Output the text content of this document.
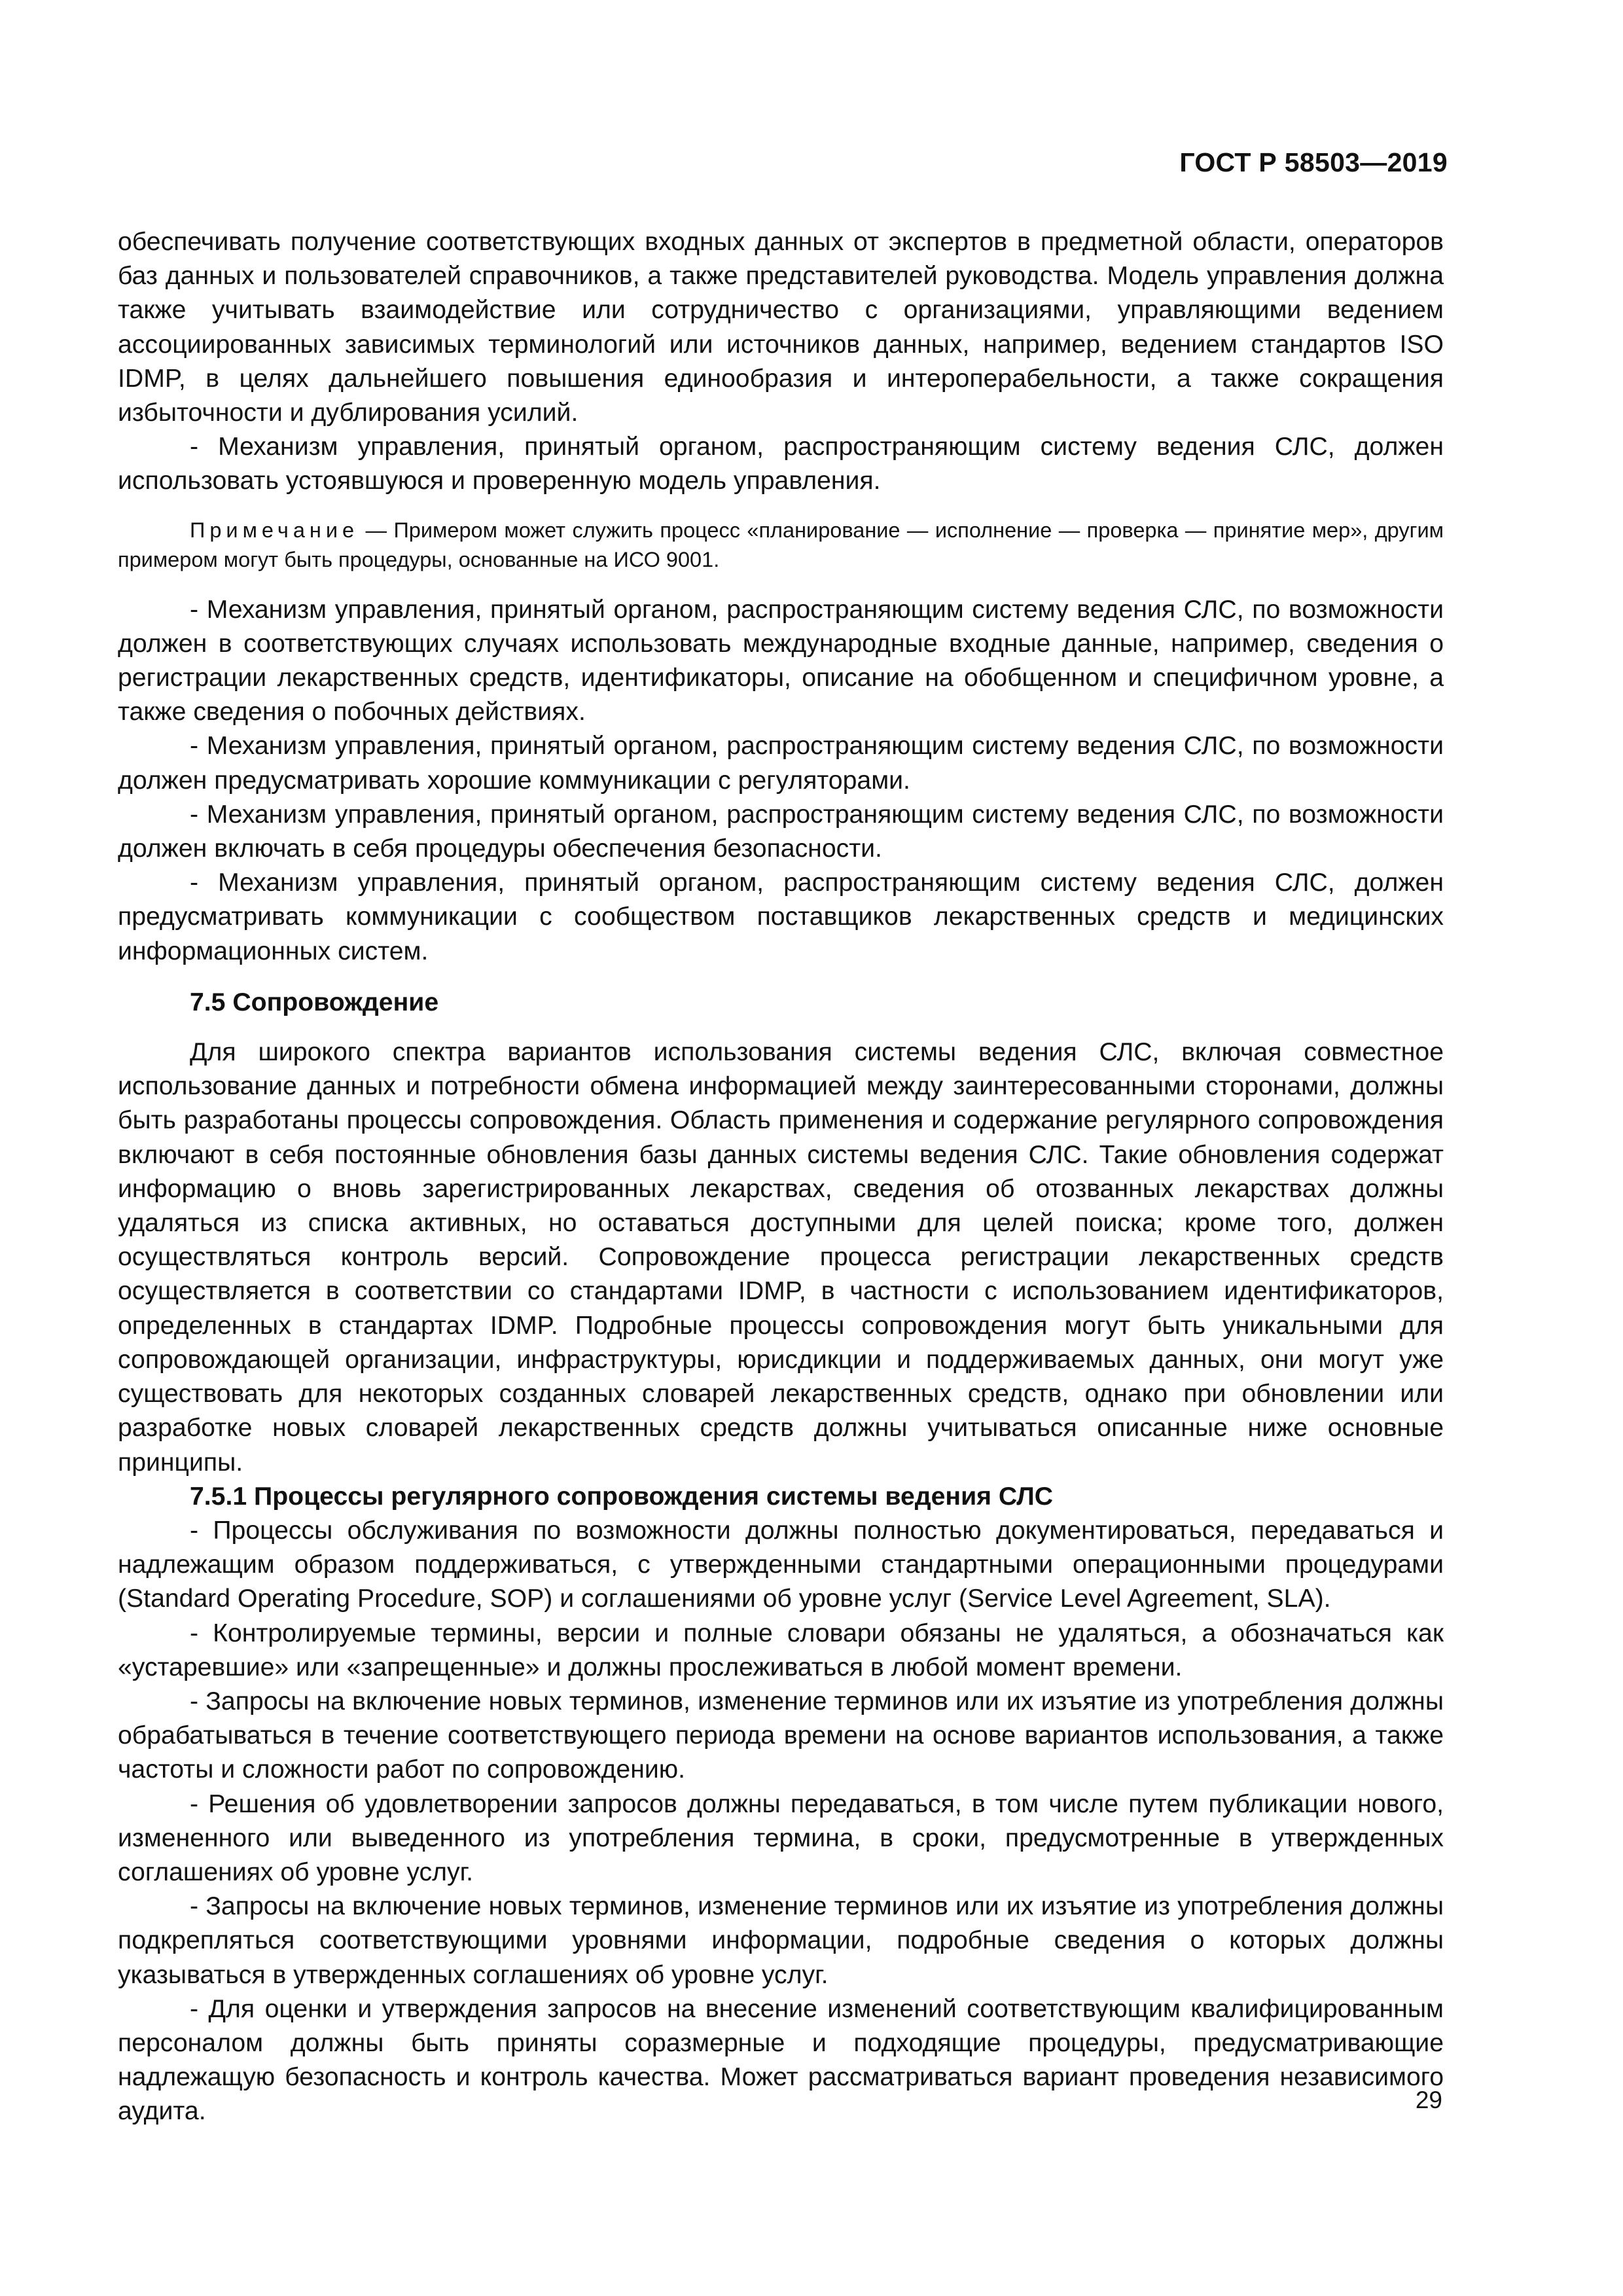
ГОСТ Р 58503—2019

обеспечивать получение соответствующих входных данных от экспертов в предметной области, операторов баз данных и пользователей справочников, а также представителей руководства. Модель управления должна также учитывать взаимодействие или сотрудничество с организациями, управляющими ведением ассоциированных зависимых терминологий или источников данных, например, ведением стандартов ISO IDMP, в целях дальнейшего повышения единообразия и интероперабельности, а также сокращения избыточности и дублирования усилий.

- Механизм управления, принятый органом, распространяющим систему ведения СЛС, должен использовать устоявшуюся и проверенную модель управления.

Примечание — Примером может служить процесс «планирование — исполнение — проверка — принятие мер», другим примером могут быть процедуры, основанные на ИСО 9001.

- Механизм управления, принятый органом, распространяющим систему ведения СЛС, по возможности должен в соответствующих случаях использовать международные входные данные, например, сведения о регистрации лекарственных средств, идентификаторы, описание на обобщенном и специфичном уровне, а также сведения о побочных действиях.

- Механизм управления, принятый органом, распространяющим систему ведения СЛС, по возможности должен предусматривать хорошие коммуникации с регуляторами.

- Механизм управления, принятый органом, распространяющим систему ведения СЛС, по возможности должен включать в себя процедуры обеспечения безопасности.

- Механизм управления, принятый органом, распространяющим систему ведения СЛС, должен предусматривать коммуникации с сообществом поставщиков лекарственных средств и медицинских информационных систем.

7.5 Сопровождение

Для широкого спектра вариантов использования системы ведения СЛС, включая совместное использование данных и потребности обмена информацией между заинтересованными сторонами, должны быть разработаны процессы сопровождения. Область применения и содержание регулярного сопровождения включают в себя постоянные обновления базы данных системы ведения СЛС. Такие обновления содержат информацию о вновь зарегистрированных лекарствах, сведения об отозванных лекарствах должны удаляться из списка активных, но оставаться доступными для целей поиска; кроме того, должен осуществляться контроль версий. Сопровождение процесса регистрации лекарственных средств осуществляется в соответствии со стандартами IDMP, в частности с использованием идентификаторов, определенных в стандартах IDMP. Подробные процессы сопровождения могут быть уникальными для сопровождающей организации, инфраструктуры, юрисдикции и поддерживаемых данных, они могут уже существовать для некоторых созданных словарей лекарственных средств, однако при обновлении или разработке новых словарей лекарственных средств должны учитываться описанные ниже основные принципы.

7.5.1 Процессы регулярного сопровождения системы ведения СЛС

- Процессы обслуживания по возможности должны полностью документироваться, передаваться и надлежащим образом поддерживаться, с утвержденными стандартными операционными процедурами (Standard Operating Procedure, SOP) и соглашениями об уровне услуг (Service Level Agreement, SLA).

- Контролируемые термины, версии и полные словари обязаны не удаляться, а обозначаться как «устаревшие» или «запрещенные» и должны прослеживаться в любой момент времени.

- Запросы на включение новых терминов, изменение терминов или их изъятие из употребления должны обрабатываться в течение соответствующего периода времени на основе вариантов использования, а также частоты и сложности работ по сопровождению.

- Решения об удовлетворении запросов должны передаваться, в том числе путем публикации нового, измененного или выведенного из употребления термина, в сроки, предусмотренные в утвержденных соглашениях об уровне услуг.

- Запросы на включение новых терминов, изменение терминов или их изъятие из употребления должны подкрепляться соответствующими уровнями информации, подробные сведения о которых должны указываться в утвержденных соглашениях об уровне услуг.

- Для оценки и утверждения запросов на внесение изменений соответствующим квалифицированным персоналом должны быть приняты соразмерные и подходящие процедуры, предусматривающие надлежащую безопасность и контроль качества. Может рассматриваться вариант проведения независимого аудита.	29
